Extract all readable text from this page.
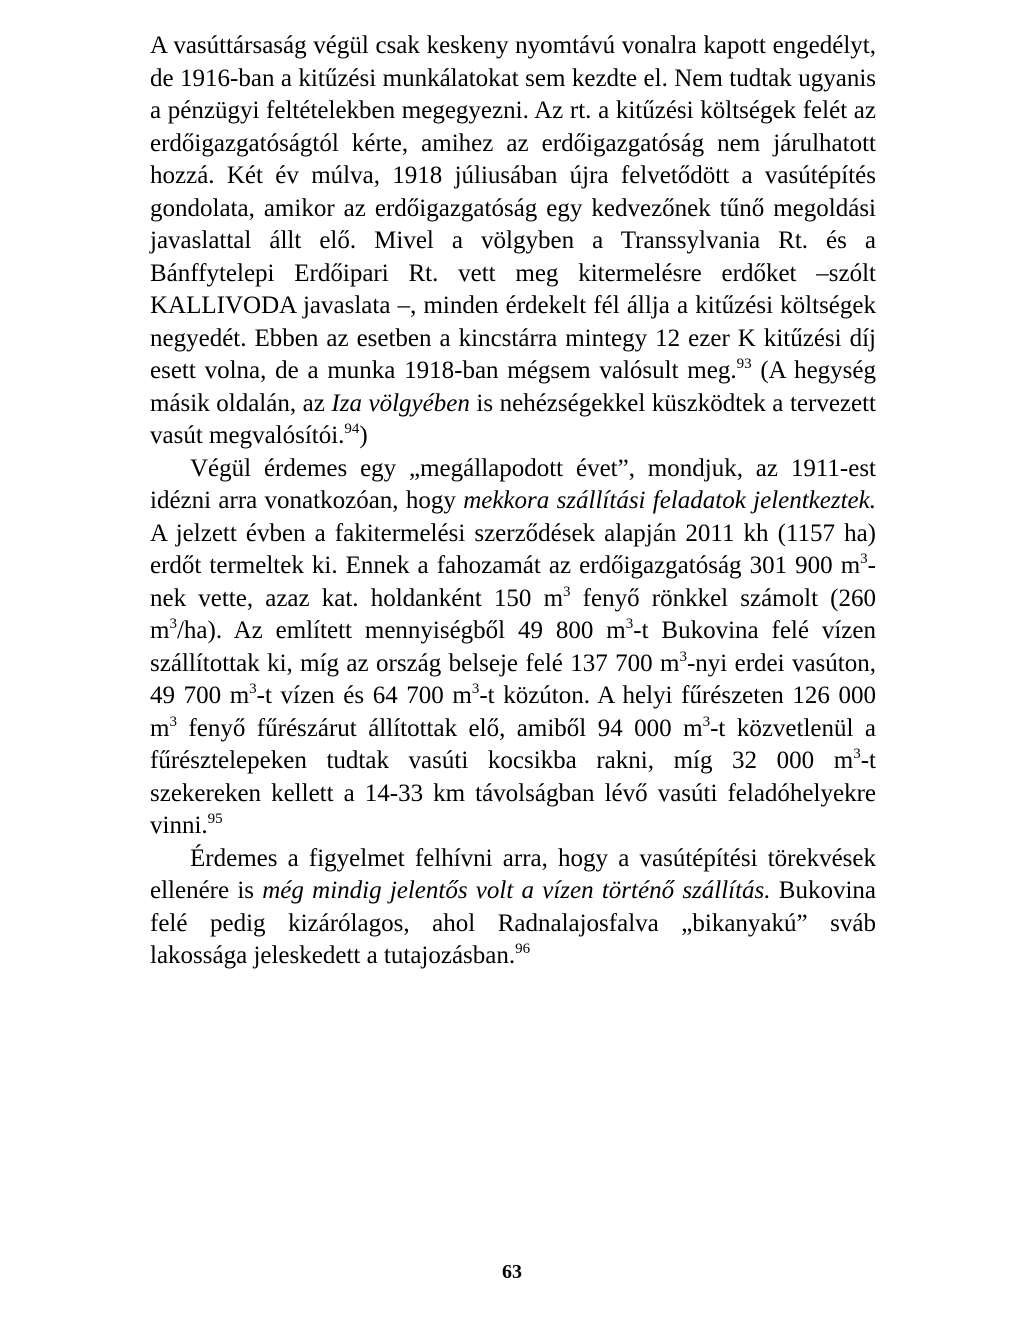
A vasúttársaság végül csak keskeny nyomtávú vonalra kapott engedélyt, de 1916-ban a kitűzési munkálatokat sem kezdte el. Nem tudtak ugyanis a pénzügyi feltételekben megegyezni. Az rt. a kitűzési költségek felét az erdőigazgatóságtól kérte, amihez az erdőigazgatóság nem járulhatott hozzá. Két év múlva, 1918 júliusában újra felvetődött a vasútépítés gondolata, amikor az erdőigazgatóság egy kedvezőnek tűnő megoldási javaslattal állt elő. Mivel a völgyben a Transsylvania Rt. és a Bánffytelepi Erdőipari Rt. vett meg kitermelésre erdőket –szólt KALLIVODA javaslata –, minden érdekelt fél állja a kitűzési költségek negyedét. Ebben az esetben a kincstárra mintegy 12 ezer K kitűzési díj esett volna, de a munka 1918-ban mégsem valósult meg.$^{93}$ (A hegység másik oldalán, az Iza völgyében is nehézségekkel küszködtek a tervezett vasút megvalósítói.$^{94}$)

Végül érdemes egy „megállapodott évet”, mondjuk, az 1911-est idézni arra vonatkozóan, hogy mekkora szállítási feladatok jelentkeztek. A jelzett évben a fakitermelési szerződések alapján 2011 kh (1157 ha) erdőt termeltek ki. Ennek a fahozamát az erdőigazgatóság 301 900 $m^3$-nek vette, azaz kat. holdanként 150 $m^3$ fenyő rönkkel számolt (260 $m^3/ha$). Az említett mennyiségből 49 800 $m^3-t$ Bukovina felé vízen szállítottak ki, míg az ország belseje felé 137 700 $m^3$-nyi erdei vasúton, 49 700 $m^3-t$ vízen és 64 700 $m^3-t$ közúton. A helyi fűrészeten 126 000 $m^3$ fenyő fűrészárut állítottak elő, amiből 94 000 $m^3-t$ közvetlenül a fűrésztelepeken tudtak vasúti kocsikba rakni, míg 32 000 $m^3-t$ szekereken kellett a 14-33 km távolságban lévő vasúti feladóhelyekre vinni.$^{95}$

Érdemes a figyelmet felhívni arra, hogy a vasútépítési törekvések ellenére is még mindig jelentős volt a vízen történő szállítás. Bukovina felé pedig kizárólagos, ahol Radnalajosfalva „bikanyakú” sváb lakossága jeleskedett a tutajozásban.$^{96}$

63
